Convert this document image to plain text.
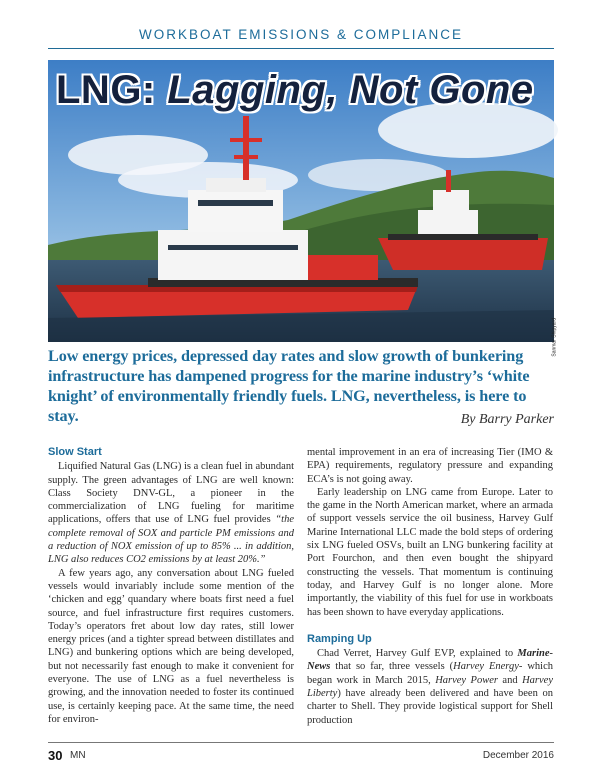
WORKBOAT EMISSIONS & COMPLIANCE
LNG: Lagging, Not Gone
Sanmar Shipyard
Low energy prices, depressed day rates and slow growth of bunkering infrastructure has dampened progress for the marine industry’s ‘white knight’ of environmentally friendly fuels. LNG, nevertheless, is here to stay.	By Barry Parker
Slow Start

Liquified Natural Gas (LNG) is a clean fuel in abundant supply. The green advantages of LNG are well known: Class Society DNV-GL, a pioneer in the commercialization of LNG fueling for maritime applications, offers that use of LNG fuel provides “the complete removal of SOX and particle PM emissions and a reduction of NOX emission of up to 85% ... in addition, LNG also reduces CO2 emissions by at least 20%.”

A few years ago, any conversation about LNG fueled vessels would invariably include some mention of the ‘chicken and egg’ quandary where boats first need a fuel source, and fuel infrastructure first requires customers. Today’s operators fret about low day rates, still lower energy prices (and a tighter spread between distillates and LNG) and bunkering options which are being developed, but not necessarily fast enough to make it convenient for everyone. The use of LNG as a fuel nevertheless is growing, and the innovation needed to foster its continued use, is certainly keeping pace. At the same time, the need for environ-

mental improvement in an era of increasing Tier (IMO & EPA) requirements, regulatory pressure and expanding ECA’s is not going away.

Early leadership on LNG came from Europe. Later to the game in the North American market, where an armada of support vessels service the oil business, Harvey Gulf Marine International LLC made the bold steps of ordering six LNG fueled OSVs, built an LNG bunkering facility at Port Fourchon, and then even bought the shipyard constructing the vessels. That momentum is continuing today, and Harvey Gulf is no longer alone. More importantly, the viability of this fuel for use in workboats has been shown to have everyday applications.

Ramping Up

Chad Verret, Harvey Gulf EVP, explained to Marine-News that so far, three vessels (Harvey Energy- which began work in March 2015, Harvey Power and Harvey Liberty) have already been delivered and have been on charter to Shell. They provide logistical support for Shell production

30 MN	December 2016
